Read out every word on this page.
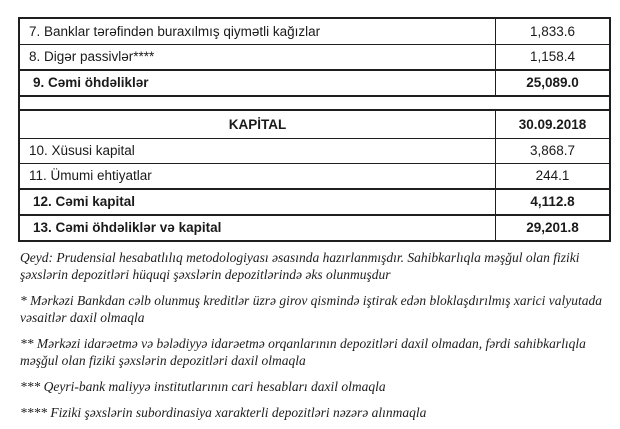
7. Banklar tərəfindən buraxılmış qiymətli kağızlar	1,833.6
8. Digər passivlər****	1,158.4
9. Cəmi öhdəliklər	25,089.0
KAPİTAL	30.09.2018
10. Xüsusi kapital	3,868.7
11. Ümumi ehtiyatlar	244.1
12. Cəmi kapital	4,112.8
13. Cəmi öhdəliklər və kapital	29,201.8

Qeyd: Prudensial hesabatlılıq metodologiyası əsasında hazırlanmışdır. Sahibkarlıqla məşğul olan fiziki şəxslərin depozitləri hüquqi şəxslərin depozitlərində əks olunmuşdur

* Mərkəzi Bankdan cəlb olunmuş kreditlər üzrə girov qismində iştirak edən bloklaşdırılmış xarici valyutada vəsaitlər daxil olmaqla

** Mərkəzi idarəetmə və bələdiyyə idarəetmə orqanlarının depozitləri daxil olmadan, fərdi sahibkarlıqla məşğul olan fiziki şəxslərin depozitləri daxil olmaqla

*** Qeyri-bank maliyyə institutlarının cari hesabları daxil olmaqla

**** Fiziki şəxslərin subordinasiya xarakterli depozitləri nəzərə alınmaqla
